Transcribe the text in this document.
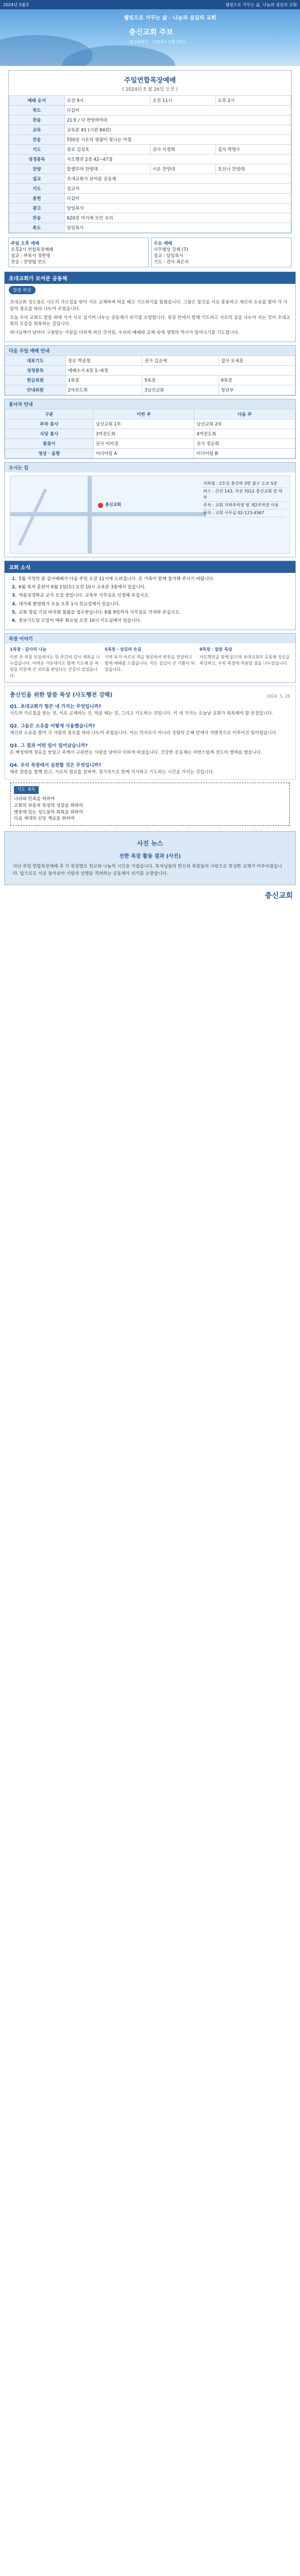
2024년 5월호	웰빙으로 가꾸는 삶, 나눔과 섬김의 교회
웰빙으로 가꾸는 삶 · 나눔과 섬김의 교회
충신교회 주보
제 2459호 · 2024년 5월 26일
주일연합목장예배
( 2024년 5 월 26일 오전 )
예배 순서	오전 9시	오전 11시	오후 2시
묵도	다같이		
찬송	21장 / 다 찬양하여라		
교독	교독문 41 (시편 84편)		
찬송	550장 시온의 영광이 빛나는 아침		
기도	장로 김성호	권사 이정희	집사 박명수
성경봉독	사도행전 2장 42~47절		
찬양	할렐루야 찬양대	시온 찬양대	호산나 찬양대
설교	초대교회가 보여준 공동체		
기도	설교자		
봉헌	다같이		
광고	담임목사		
찬송	620장 여기에 모인 우리		
축도	담임목사		
주일 오후 예배
오후2시 연합목장예배
설교 : 부목사 정한영
찬송 : 찬양팀 인도
수요 예배
사무엘상 강해 (7)
설교 : 담임목사
기도 : 권사 최은숙
초대교회가 보여준 공동체
말씀 묵상

초대교회 성도들은 사도의 가르침을 받아 서로 교제하며 떡을 떼고 기도하기를 힘썼습니다. 그들은 물건을 서로 통용하고 재산과 소유를 팔아 각 사람의 필요를 따라 나누어 주었습니다.

오늘 우리 교회도 말씀 위에 서서 서로 섬기며 나누는 공동체가 되기를 소망합니다. 목장 안에서 함께 기도하고 서로의 짐을 나누어 지는 것이 초대교회의 모습을 회복하는 길입니다.

하나님께서 날마다 구원받는 사람을 더하게 하신 것처럼, 우리의 예배와 교제 속에 생명의 역사가 일어나기를 기도합니다.

다음 주일 예배 안내
대표기도	장로 박종철	권사 김순애	집사 오세훈
성경봉독	에베소서 4장 1~6절		
헌금위원	1목장	5목장	9목장
안내위원	2여전도회	3남선교회	청년부
봉사자 안내
구분	이번 주	다음 주
주차 봉사	남선교회 1부	남선교회 2부
식당 봉사	3여전도회	4여전도회
꽃꽂이	권사 이미경	권사 정순희
영상 · 음향	미디어팀 A	미디어팀 B
오시는 길
충신교회
지하철 : 2호선 충신역 3번 출구 도보 5분
버스 : 간선 143, 지선 7012 충신교회 앞 하차
주차 : 교회 지하주차장 및 제2주차장 이용
문의 : 교회 사무실 02-123-4567
교회 소식
1. 5월 가정의 달 감사예배가 다음 주일 오전 11시에 드려집니다. 온 가족이 함께 참석해 주시기 바랍니다.
2. 6월 목자 훈련이 6월 1일(토) 오전 10시 교육관 3층에서 있습니다.
3. 여름성경학교 교사 모집 중입니다. 교육부 사무실로 신청해 주십시오.
4. 새가족 환영회가 오늘 오후 1시 친교실에서 있습니다.
5. 교회 창립 기념 바자회 물품을 접수받습니다. 6월 9일까지 사무실로 가져와 주십시오.
6. 중보기도팀 모임이 매주 화요일 오전 10시 기도실에서 있습니다.
목장 이야기
1목장 · 감사의 나눔
이번 주 목장 모임에서는 한 주간의 감사 제목을 나누었습니다. 어려운 가운데서도 함께 기도해 준 목원들 덕분에 큰 위로를 받았다는 간증이 있었습니다.
5목장 · 섬김의 손길
지역 독거 어르신 댁을 방문하여 반찬을 전달하고 함께 예배를 드렸습니다. 작은 섬김이 큰 기쁨이 되었습니다.
9목장 · 말씀 묵상
사도행전을 함께 읽으며 초대교회의 공동체 정신을 묵상하고, 우리 목장에 적용할 점을 나누었습니다.
충신인을 위한 말씀 묵상 (사도행전 강해)	2024. 5. 26
Q1. 초대교회가 힘쓴 네 가지는 무엇입니까?
사도의 가르침을 받는 것, 서로 교제하는 것, 떡을 떼는 것, 그리고 기도하는 것입니다. 이 네 가지는 오늘날 교회가 회복해야 할 본질입니다.
Q2. 그들은 소유를 어떻게 사용했습니까?
재산과 소유를 팔아 각 사람의 필요를 따라 나누어 주었습니다. 이는 억지로가 아니라 성령의 은혜 안에서 자발적으로 이루어진 일이었습니다.
Q3. 그 결과 어떤 일이 일어났습니까?
온 백성에게 칭송을 받았고 주께서 구원받는 사람을 날마다 더하게 하셨습니다. 건강한 공동체는 자연스럽게 전도의 열매를 맺습니다.
Q4. 우리 목장에서 실천할 것은 무엇입니까?
매주 말씀을 함께 읽고, 서로의 필요를 살피며, 정기적으로 함께 식사하고 기도하는 시간을 가지는 것입니다.
기도 제목
나라와 민족을 위하여
교회의 부흥과 목장의 성장을 위하여
병중에 있는 성도들의 회복을 위하여
다음 세대의 신앙 계승을 위하여
사진 뉴스
선한 목장 활동 결과 (사진)
지난 주일 연합목장예배 후 각 목장별로 친교와 나눔의 시간을 가졌습니다. 목자님들의 헌신과 목원들의 사랑으로 풍성한 교제가 이루어졌습니다. 앞으로도 서로 돌아보아 사랑과 선행을 격려하는 공동체가 되기를 소망합니다.
충신교회
